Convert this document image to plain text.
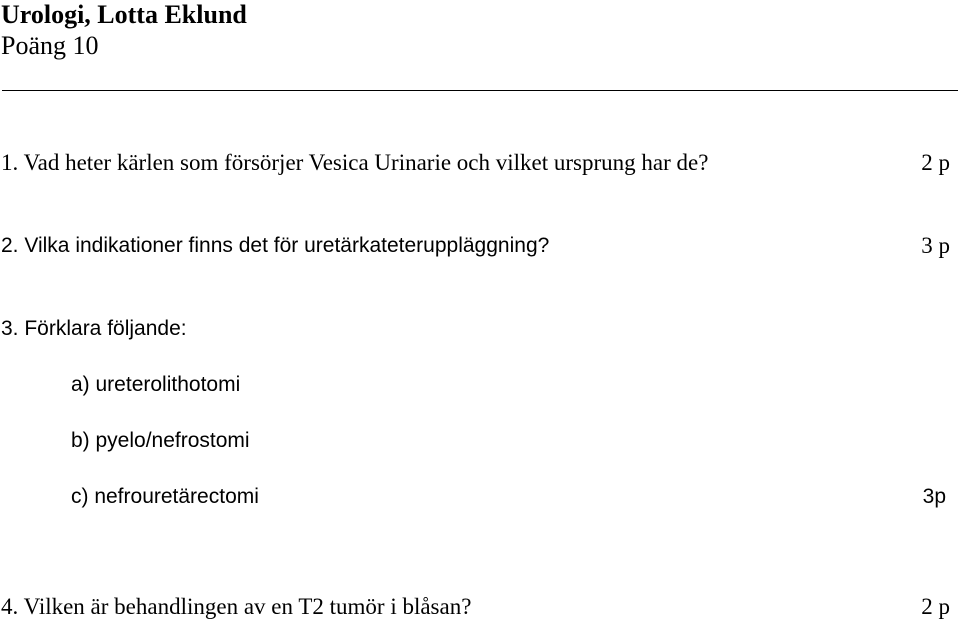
Urologi, Lotta Eklund
Poäng 10
1. Vad heter kärlen som försörjer Vesica Urinarie och vilket ursprung har de?	2 p
2. Vilka indikationer finns det för uretärkateteruppläggning?	3 p
3. Förklara följande:
a) ureterolithotomi
b) pyelo/nefrostomi
c) nefrouretärectomi	3p
4. Vilken är behandlingen av en T2 tumör i blåsan?	2 p
